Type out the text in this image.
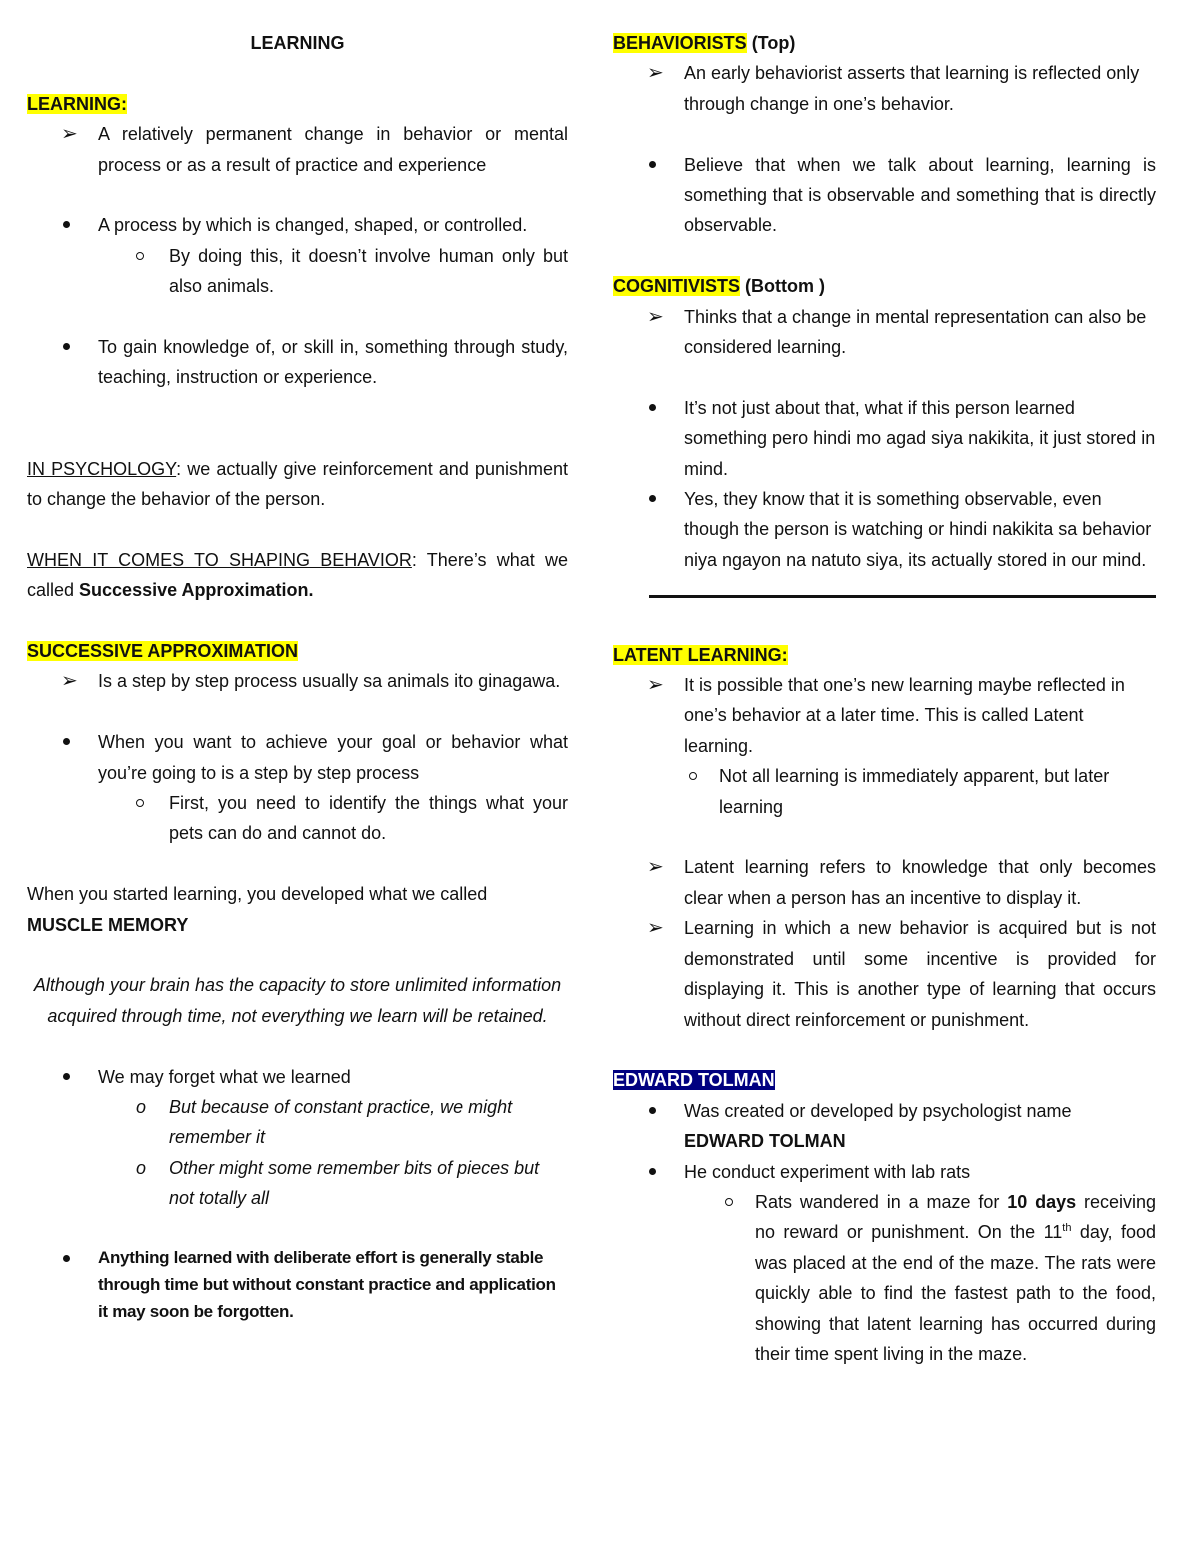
LEARNING

LEARNING:

➢ A relatively permanent change in behavior or mental process or as a result of practice and experience
A process by which is changed, shaped, or controlled.
By doing this, it doesn’t involve human only but also animals.
To gain knowledge of, or skill in, something through study, teaching, instruction or experience.

IN PSYCHOLOGY: we actually give reinforcement and punishment to change the behavior of the person.

WHEN IT COMES TO SHAPING BEHAVIOR: There’s what we called Successive Approximation.

SUCCESSIVE APPROXIMATION

➢ Is a step by step process usually sa animals ito ginagawa.
When you want to achieve your goal or behavior what you’re going to is a step by step process
First, you need to identify the things what your pets can do and cannot do.

When you started learning, you developed what we called

MUSCLE MEMORY

Although your brain has the capacity to store unlimited information acquired through time, not everything we learn will be retained.

We may forget what we learned
o But because of constant practice, we might remember it
o Other might some remember bits of pieces but not totally all
Anything learned with deliberate effort is generally stable through time but without constant practice and application it may soon be forgotten.

BEHAVIORISTS (Top)

➢ An early behaviorist asserts that learning is reflected only through change in one’s behavior.
Believe that when we talk about learning, learning is something that is observable and something that is directly observable.

COGNITIVISTS (Bottom )

➢ Thinks that a change in mental representation can also be considered learning.
It’s not just about that, what if this person learned something pero hindi mo agad siya nakikita, it just stored in mind.
Yes, they know that it is something observable, even though the person is watching or hindi nakikita sa behavior niya ngayon na natuto siya, its actually stored in our mind.

LATENT LEARNING:

➢ It is possible that one’s new learning maybe reflected in one’s behavior at a later time. This is called Latent learning.
Not all learning is immediately apparent, but later learning
➢ Latent learning refers to knowledge that only becomes clear when a person has an incentive to display it.
➢ Learning in which a new behavior is acquired but is not demonstrated until some incentive is provided for displaying it. This is another type of learning that occurs without direct reinforcement or punishment.

EDWARD TOLMAN

Was created or developed by psychologist name

EDWARD TOLMAN

He conduct experiment with lab rats
Rats wandered in a maze for 10 days receiving no reward or punishment. On the 11th day, food was placed at the end of the maze. The rats were quickly able to find the fastest path to the food, showing that latent learning has occurred during their time spent living in the maze.
